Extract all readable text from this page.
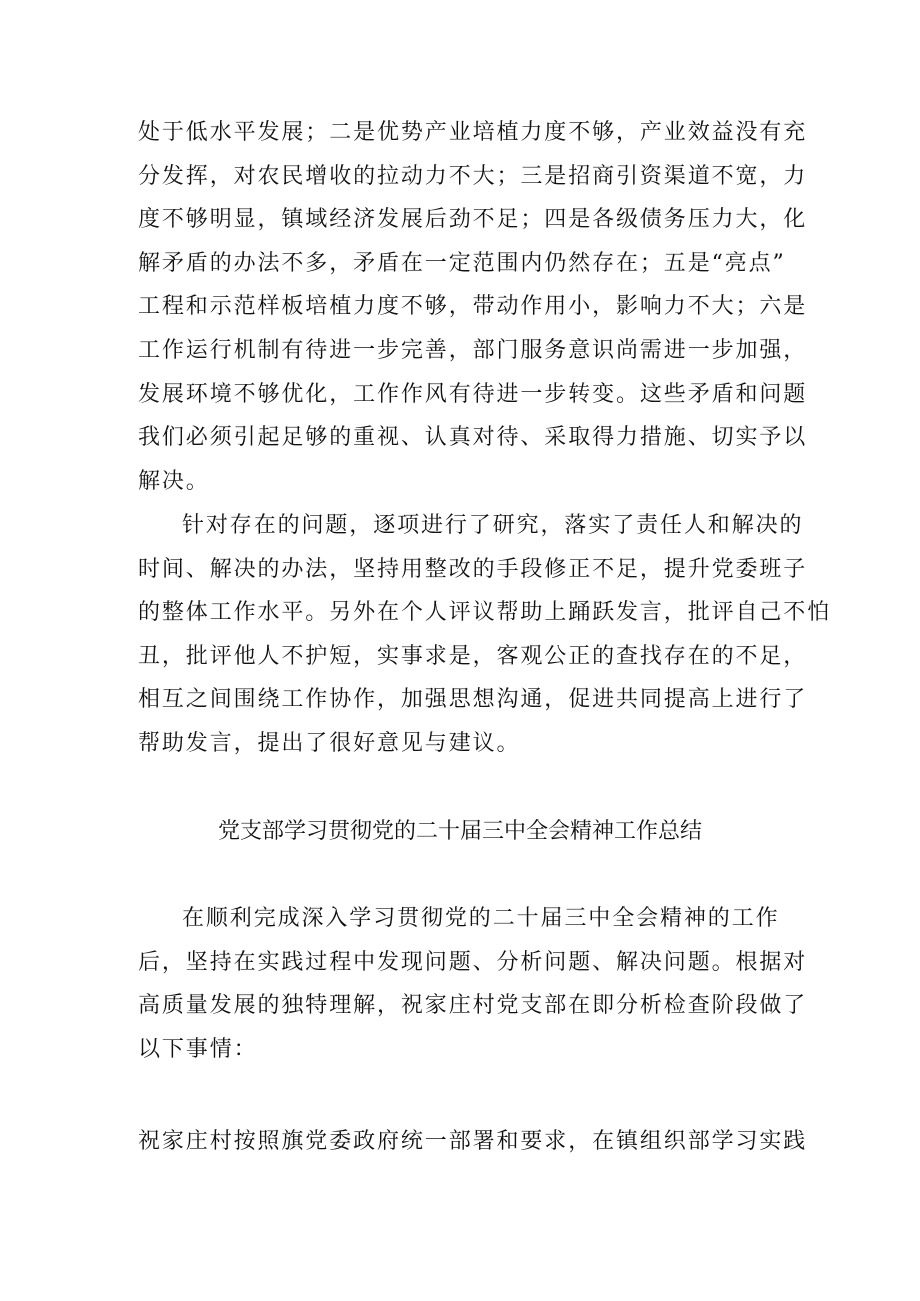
处于低水平发展；二是优势产业培植力度不够，产业效益没有充
分发挥，对农民增收的拉动力不大；三是招商引资渠道不宽，力
度不够明显，镇域经济发展后劲不足；四是各级债务压力大，化
解矛盾的办法不多，矛盾在一定范围内仍然存在；五是“亮点”
工程和示范样板培植力度不够，带动作用小，影响力不大；六是
工作运行机制有待进一步完善，部门服务意识尚需进一步加强，
发展环境不够优化，工作作风有待进一步转变。这些矛盾和问题
我们必须引起足够的重视、认真对待、采取得力措施、切实予以
解决。
针对存在的问题，逐项进行了研究，落实了责任人和解决的
时间、解决的办法，坚持用整改的手段修正不足，提升党委班子
的整体工作水平。另外在个人评议帮助上踊跃发言，批评自己不怕
丑，批评他人不护短，实事求是，客观公正的查找存在的不足，
相互之间围绕工作协作，加强思想沟通，促进共同提高上进行了
帮助发言，提出了很好意见与建议。
党支部学习贯彻党的二十届三中全会精神工作总结
在顺利完成深入学习贯彻党的二十届三中全会精神的工作
后，坚持在实践过程中发现问题、分析问题、解决问题。根据对
高质量发展的独特理解，祝家庄村党支部在即分析检查阶段做了
以下事情：
祝家庄村按照旗党委政府统一部署和要求，在镇组织部学习实践
